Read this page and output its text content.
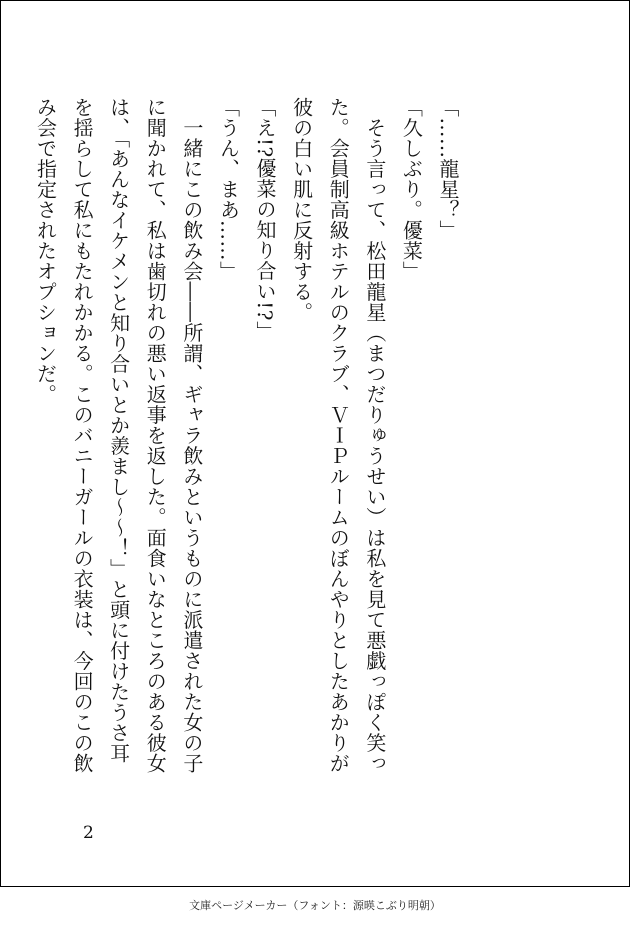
「……龍星？」
「久しぶり。優菜」
　そう言って、松田龍星（まつだりゅうせい）は私を見て悪戯っぽく笑っ
た。会員制高級ホテルのクラブ、ＶＩＰルームのぼんやりとしたあかりが
彼の白い肌に反射する。
「え!?優菜の知り合い!?」
「うん、まあ……」
　一緒にこの飲み会――所謂、ギャラ飲みというものに派遣された女の子
に聞かれて、私は歯切れの悪い返事を返した。面食いなところのある彼女
は、「あんなイケメンと知り合いとか羨まし〜〜！」と頭に付けたうさ耳
を揺らして私にもたれかかる。このバニーガールの衣装は、今回のこの飲
み会で指定されたオプションだ。
2
文庫ページメーカー（フォント：源暎こぶり明朝）
